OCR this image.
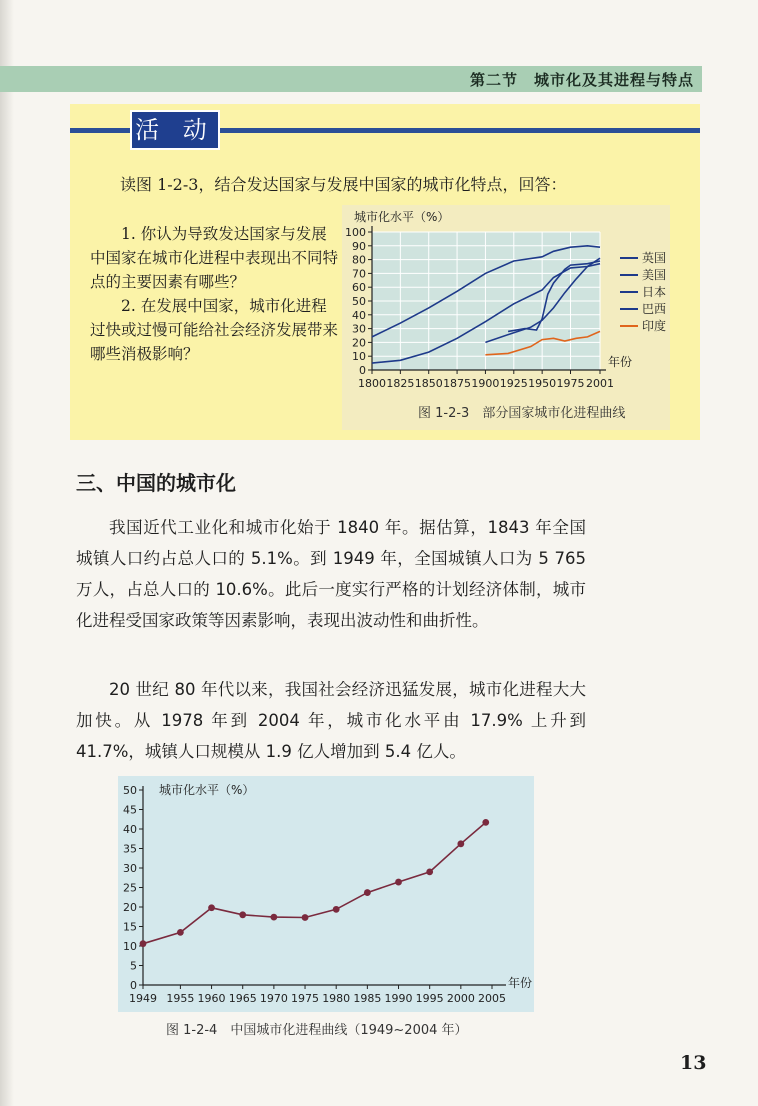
第二节　城市化及其进程与特点
活 动
读图 1-2-3，结合发达国家与发展中国家的城市化特点，回答：
1. 你认为导致发达国家与发展中国家在城市化进程中表现出不同特点的主要因素有哪些？
2. 在发展中国家，城市化进程过快或过慢可能给社会经济发展带来哪些消极影响？
0
10
20
30
40
50
60
70
80
90
100
1800 1825 1850 1875 1900 1925 1950 1975 2001
城市化水平（%）
年份
英国
美国
日本
巴西
印度
图 1-2-3　部分国家城市化进程曲线
三、中国的城市化
我国近代工业化和城市化始于 1840 年。据估算，1843 年全国城镇人口约占总人口的 5.1%。到 1949 年，全国城镇人口为 5 765 万人，占总人口的 10.6%。此后一度实行严格的计划经济体制，城市化进程受国家政策等因素影响，表现出波动性和曲折性。
20 世纪 80 年代以来，我国社会经济迅猛发展，城市化进程大大加快。从 1978 年到 2004 年，城市化水平由 17.9% 上升到 41.7%，城镇人口规模从 1.9 亿人增加到 5.4 亿人。
0
5
10
15
20
25
30
35
40
45
50
1949 1955 1960 1965 1970 1975 1980 1985 1990 1995 2000 2005
城市化水平（%）
年份
图 1-2-4　中国城市化进程曲线（1949~2004 年）
13
